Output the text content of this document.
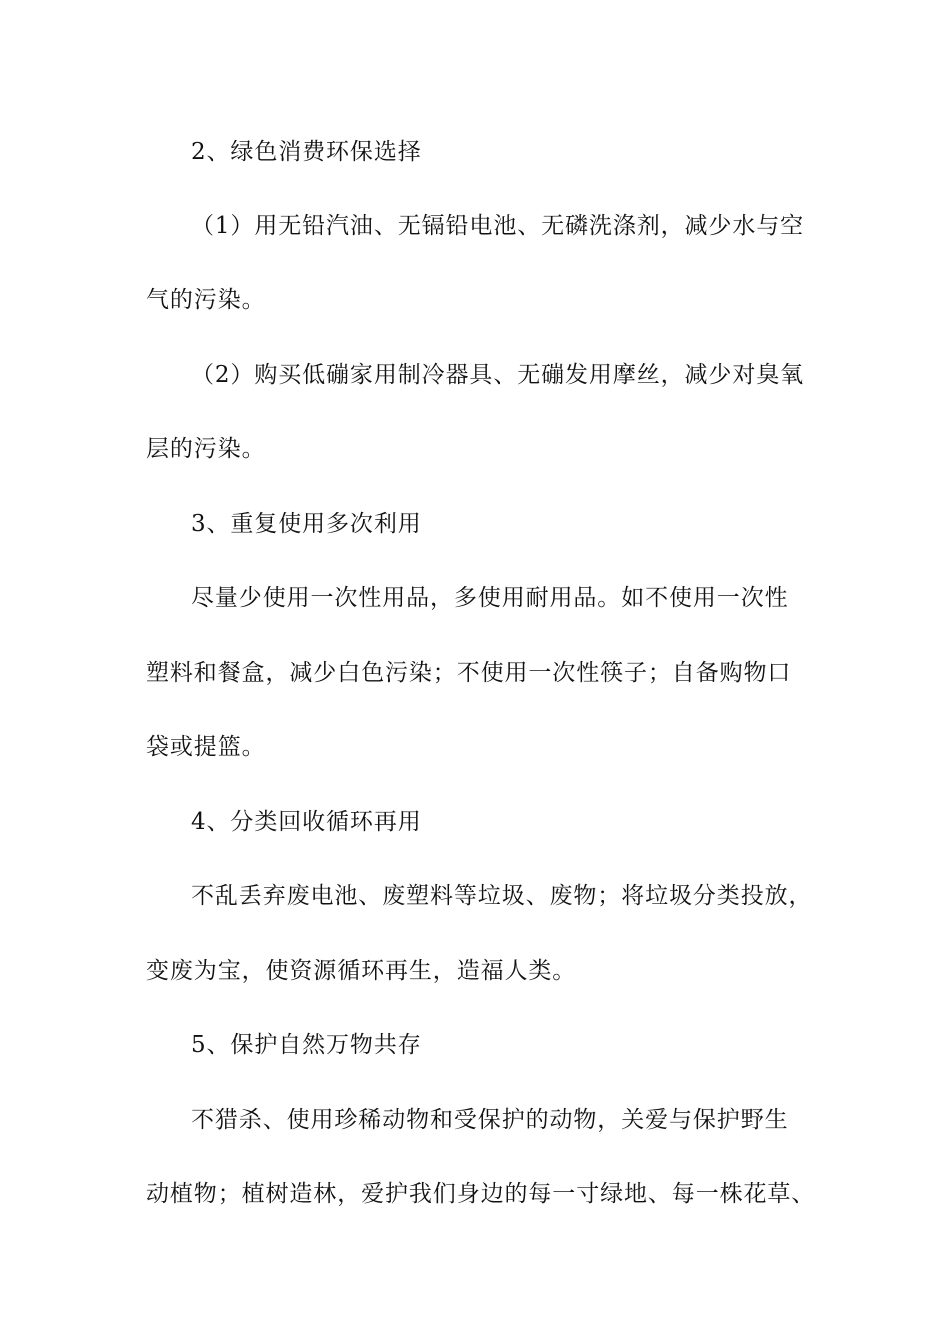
2、绿色消费环保选择
（1）用无铅汽油、无镉铅电池、无磷洗涤剂，减少水与空
气的污染。
（2）购买低磞家用制冷器具、无磞发用摩丝，减少对臭氧
层的污染。
3、重复使用多次利用
尽量少使用一次性用品，多使用耐用品。如不使用一次性
塑料和餐盒，减少白色污染；不使用一次性筷子；自备购物口
袋或提篮。
4、分类回收循环再用
不乱丢弃废电池、废塑料等垃圾、废物；将垃圾分类投放，
变废为宝，使资源循环再生，造福人类。
5、保护自然万物共存
不猎杀、使用珍稀动物和受保护的动物，关爱与保护野生
动植物；植树造林，爱护我们身边的每一寸绿地、每一株花草、
